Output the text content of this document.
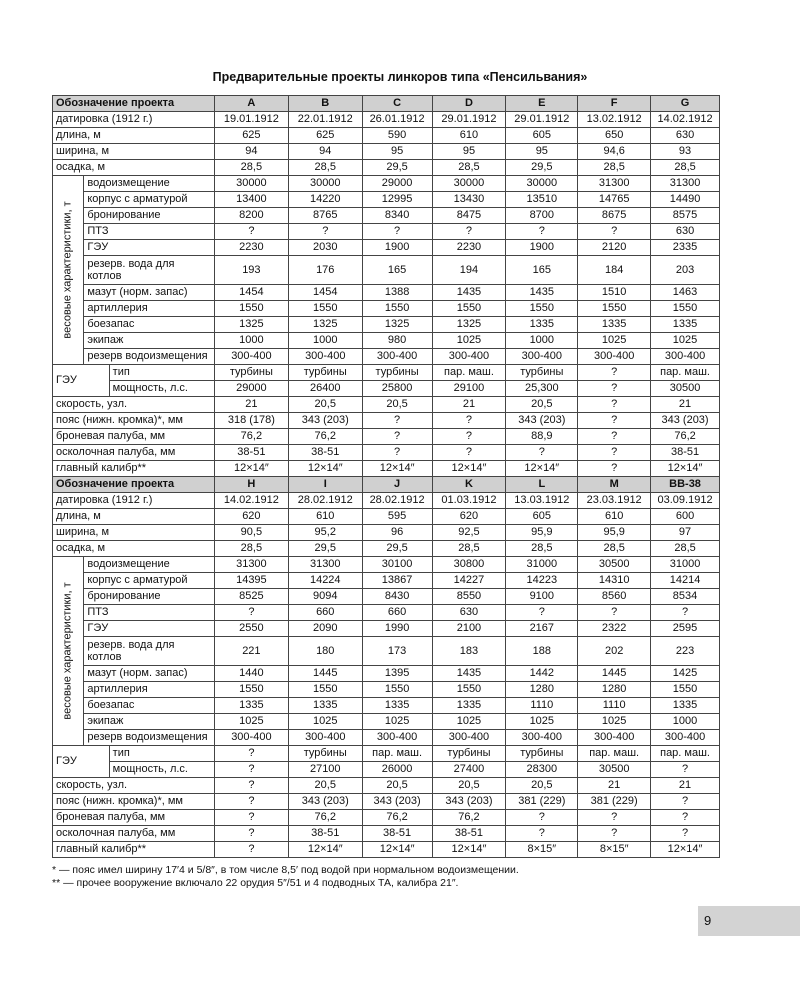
Предварительные проекты линкоров типа «Пенсильвания»
Обозначение проекта			A	B	C	D	E	F	G
датировка (1912 г.)			19.01.1912	22.01.1912	26.01.1912	29.01.1912	29.01.1912	13.02.1912	14.02.1912
длина, м			625	625	590	610	605	650	630
ширина, м			94	94	95	95	95	94,6	93
осадка, м			28,5	28,5	29,5	28,5	29,5	28,5	28,5

весовые характеристики, т	водоизмещение		30000	30000	29000	30000	30000	31300	31300
	корпус с арматурой		13400	14220	12995	13430	13510	14765	14490
	бронирование		8200	8765	8340	8475	8700	8675	8575
	ПТЗ		?	?	?	?	?	?	630
	ГЭУ		2230	2030	1900	2230	1900	2120	2335
	резерв. вода для котлов		193	176	165	194	165	184	203
	мазут (норм. запас)		1454	1454	1388	1435	1435	1510	1463
	артиллерия		1550	1550	1550	1550	1550	1550	1550
	боезапас		1325	1325	1325	1325	1335	1335	1335
	экипаж		1000	1000	980	1025	1000	1025	1025
	резерв водоизмещения		300-400	300-400	300-400	300-400	300-400	300-400	300-400
ГЭУ		тип	турбины	турбины	турбины	пар. маш.	турбины	?	пар. маш.
		мощность, л.с.	29000	26400	25800	29100	25,300	?	30500
скорость, узл.			21	20,5	20,5	21	20,5	?	21
пояс (нижн. кромка)*, мм			318 (178)	343 (203)	?	?	343 (203)	?	343 (203)
броневая палуба, мм			76,2	76,2	?	?	88,9	?	76,2
осколочная палуба, мм			38-51	38-51	?	?	?	?	38-51
главный калибр**			12×14″	12×14″	12×14″	12×14″	12×14″	?	12×14″
Обозначение проекта			H	I	J	K	L	M	BB-38
датировка (1912 г.)			14.02.1912	28.02.1912	28.02.1912	01.03.1912	13.03.1912	23.03.1912	03.09.1912
длина, м			620	610	595	620	605	610	600
ширина, м			90,5	95,2	96	92,5	95,9	95,9	97
осадка, м			28,5	29,5	29,5	28,5	28,5	28,5	28,5

весовые характеристики, т	водоизмещение		31300	31300	30100	30800	31000	30500	31000
	корпус с арматурой		14395	14224	13867	14227	14223	14310	14214
	бронирование		8525	9094	8430	8550	9100	8560	8534
	ПТЗ		?	660	660	630	?	?	?
	ГЭУ		2550	2090	1990	2100	2167	2322	2595
	резерв. вода для котлов		221	180	173	183	188	202	223
	мазут (норм. запас)		1440	1445	1395	1435	1442	1445	1425
	артиллерия		1550	1550	1550	1550	1280	1280	1550
	боезапас		1335	1335	1335	1335	1110	1110	1335
	экипаж		1025	1025	1025	1025	1025	1025	1000
	резерв водоизмещения		300-400	300-400	300-400	300-400	300-400	300-400	300-400
ГЭУ		тип	?	турбины	пар. маш.	турбины	турбины	пар. маш.	пар. маш.
		мощность, л.с.	?	27100	26000	27400	28300	30500	?
скорость, узл.			?	20,5	20,5	20,5	20,5	21	21
пояс (нижн. кромка)*, мм			?	343 (203)	343 (203)	343 (203)	381 (229)	381 (229)	?
броневая палуба, мм			?	76,2	76,2	76,2	?	?	?
осколочная палуба, мм			?	38-51	38-51	38-51	?	?	?
главный калибр**			?	12×14″	12×14″	12×14″	8×15″	8×15″	12×14″
* — пояс имел ширину 17′4 и 5/8″, в том числе 8,5′ под водой при нормальном водоизмещении.
** — прочее вооружение включало 22 орудия 5″/51 и 4 подводных ТА, калибра 21″.
9
